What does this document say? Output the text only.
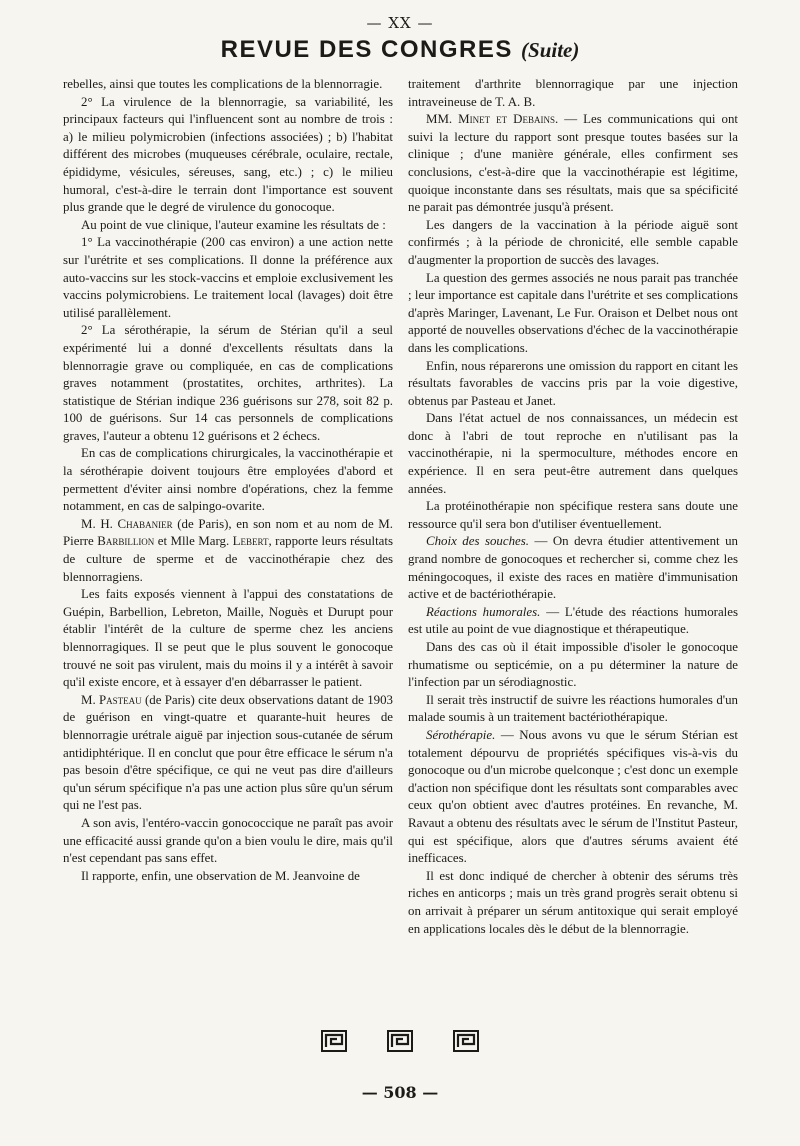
— XX —
REVUE DES CONGRES (Suite)

rebelles, ainsi que toutes les complications de la blennorragie.

2° La virulence de la blennorragie, sa variabilité, les principaux facteurs qui l'influencent sont au nombre de trois : a) le milieu polymicrobien (infections associées) ; b) l'habitat différent des microbes (muqueuses cérébrale, oculaire, rectale, épididyme, vésicules, séreuses, sang, etc.) ; c) le milieu humoral, c'est-à-dire le terrain dont l'importance est souvent plus grande que le degré de virulence du gonocoque.

Au point de vue clinique, l'auteur examine les résultats de :

1° La vaccinothérapie (200 cas environ) a une action nette sur l'urétrite et ses complications. Il donne la préférence aux auto-vaccins sur les stock-vaccins et emploie exclusivement les vaccins polymicrobiens. Le traitement local (lavages) doit être utilisé parallèlement.

2° La sérothérapie, la sérum de Stérian qu'il a seul expérimenté lui a donné d'excellents résultats dans la blennorragie grave ou compliquée, en cas de complications graves notamment (prostatites, orchites, arthrites). La statistique de Stérian indique 236 guérisons sur 278, soit 82 p. 100 de guérisons. Sur 14 cas personnels de complications graves, l'auteur a obtenu 12 guérisons et 2 échecs.

En cas de complications chirurgicales, la vaccinothérapie et la sérothérapie doivent toujours être employées d'abord et permettent d'éviter ainsi nombre d'opérations, chez la femme notamment, en cas de salpingo-ovarite.

M. H. Chabanier (de Paris), en son nom et au nom de M. Pierre Barbillion et Mlle Marg. Lebert, rapporte leurs résultats de culture de sperme et de vaccinothérapie chez des blennorragiens.

Les faits exposés viennent à l'appui des constatations de Guépin, Barbellion, Lebreton, Maille, Noguès et Durupt pour établir l'intérêt de la culture de sperme chez les anciens blennorragiques. Il se peut que le plus souvent le gonocoque trouvé ne soit pas virulent, mais du moins il y a intérêt à savoir qu'il existe encore, et à essayer d'en débarrasser le patient.

M. Pasteau (de Paris) cite deux observations datant de 1903 de guérison en vingt-quatre et quarante-huit heures de blennorragie urétrale aiguë par injection sous-cutanée de sérum antidiphtérique. Il en conclut que pour être efficace le sérum n'a pas besoin d'être spécifique, ce qui ne veut pas dire d'ailleurs qu'un sérum spécifique n'a pas une action plus sûre qu'un sérum qui ne l'est pas.

A son avis, l'entéro-vaccin gonococcique ne paraît pas avoir une efficacité aussi grande qu'on a bien voulu le dire, mais qu'il n'est cependant pas sans effet.

Il rapporte, enfin, une observation de M. Jeanvoine de

traitement d'arthrite blennorragique par une injection intraveineuse de T. A. B.

MM. Minet et Debains. — Les communications qui ont suivi la lecture du rapport sont presque toutes basées sur la clinique ; d'une manière générale, elles confirment ses conclusions, c'est-à-dire que la vaccinothérapie est légitime, quoique inconstante dans ses résultats, mais que sa spécificité ne parait pas démontrée jusqu'à présent.

Les dangers de la vaccination à la période aiguë sont confirmés ; à la période de chronicité, elle semble capable d'augmenter la proportion de succès des lavages.

La question des germes associés ne nous parait pas tranchée ; leur importance est capitale dans l'urétrite et ses complications d'après Maringer, Lavenant, Le Fur. Oraison et Delbet nous ont apporté de nouvelles observations d'échec de la vaccinothérapie dans les complications.

Enfin, nous réparerons une omission du rapport en citant les résultats favorables de vaccins pris par la voie digestive, obtenus par Pasteau et Janet.

Dans l'état actuel de nos connaissances, un médecin est donc à l'abri de tout reproche en n'utilisant pas la vaccinothérapie, ni la spermoculture, méthodes encore en expérience. Il en sera peut-être autrement dans quelques années.

La protéinothérapie non spécifique restera sans doute une ressource qu'il sera bon d'utiliser éventuellement.

Choix des souches. — On devra étudier attentivement un grand nombre de gonocoques et rechercher si, comme chez les méningocoques, il existe des races en matière d'immunisation active et de bactériothérapie.

Réactions humorales. — L'étude des réactions humorales est utile au point de vue diagnostique et thérapeutique.

Dans des cas où il était impossible d'isoler le gonocoque rhumatisme ou septicémie, on a pu déterminer la nature de l'infection par un sérodiagnostic.

Il serait très instructif de suivre les réactions humorales d'un malade soumis à un traitement bactériothérapique.

Sérothérapie. — Nous avons vu que le sérum Stérian est totalement dépourvu de propriétés spécifiques vis-à-vis du gonocoque ou d'un microbe quelconque ; c'est donc un exemple d'action non spécifique dont les résultats sont comparables avec ceux qu'on obtient avec d'autres protéines. En revanche, M. Ravaut a obtenu des résultats avec le sérum de l'Institut Pasteur, qui est spécifique, alors que d'autres sérums avaient été inefficaces.

Il est donc indiqué de chercher à obtenir des sérums très riches en anticorps ; mais un très grand progrès serait obtenu si on arrivait à préparer un sérum antitoxique qui serait employé en applications locales dès le début de la blennorragie.

— 508 —
